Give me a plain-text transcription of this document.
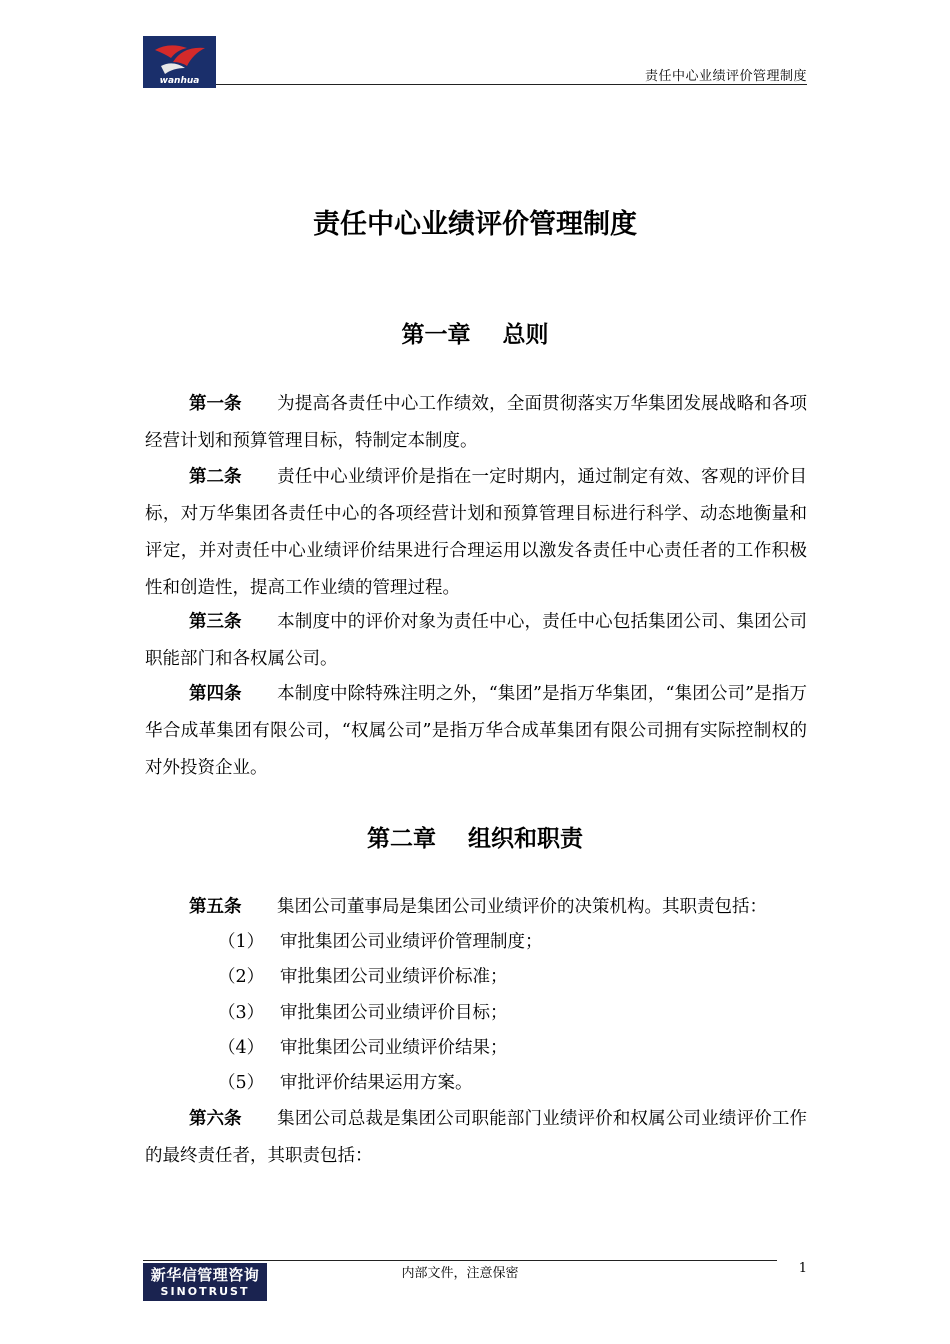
wanhua	责任中心业绩评价管理制度
责任中心业绩评价管理制度
第一章 总则
第一条 为提高各责任中心工作绩效，全面贯彻落实万华集团发展战略和各项经营计划和预算管理目标，特制定本制度。
第二条 责任中心业绩评价是指在一定时期内，通过制定有效、客观的评价目标，对万华集团各责任中心的各项经营计划和预算管理目标进行科学、动态地衡量和评定，并对责任中心业绩评价结果进行合理运用以激发各责任中心责任者的工作积极性和创造性，提高工作业绩的管理过程。
第三条 本制度中的评价对象为责任中心，责任中心包括集团公司、集团公司职能部门和各权属公司。
第四条 本制度中除特殊注明之外，“集团”是指万华集团，“集团公司”是指万华合成革集团有限公司，“权属公司”是指万华合成革集团有限公司拥有实际控制权的对外投资企业。
第二章 组织和职责
第五条 集团公司董事局是集团公司业绩评价的决策机构。其职责包括：
（1） 审批集团公司业绩评价管理制度；
（2） 审批集团公司业绩评价标准；
（3） 审批集团公司业绩评价目标；
（4） 审批集团公司业绩评价结果；
（5） 审批评价结果运用方案。
第六条 集团公司总裁是集团公司职能部门业绩评价和权属公司业绩评价工作的最终责任者，其职责包括：
新华信管理咨询
SINOTRUST
内部文件，注意保密	1
